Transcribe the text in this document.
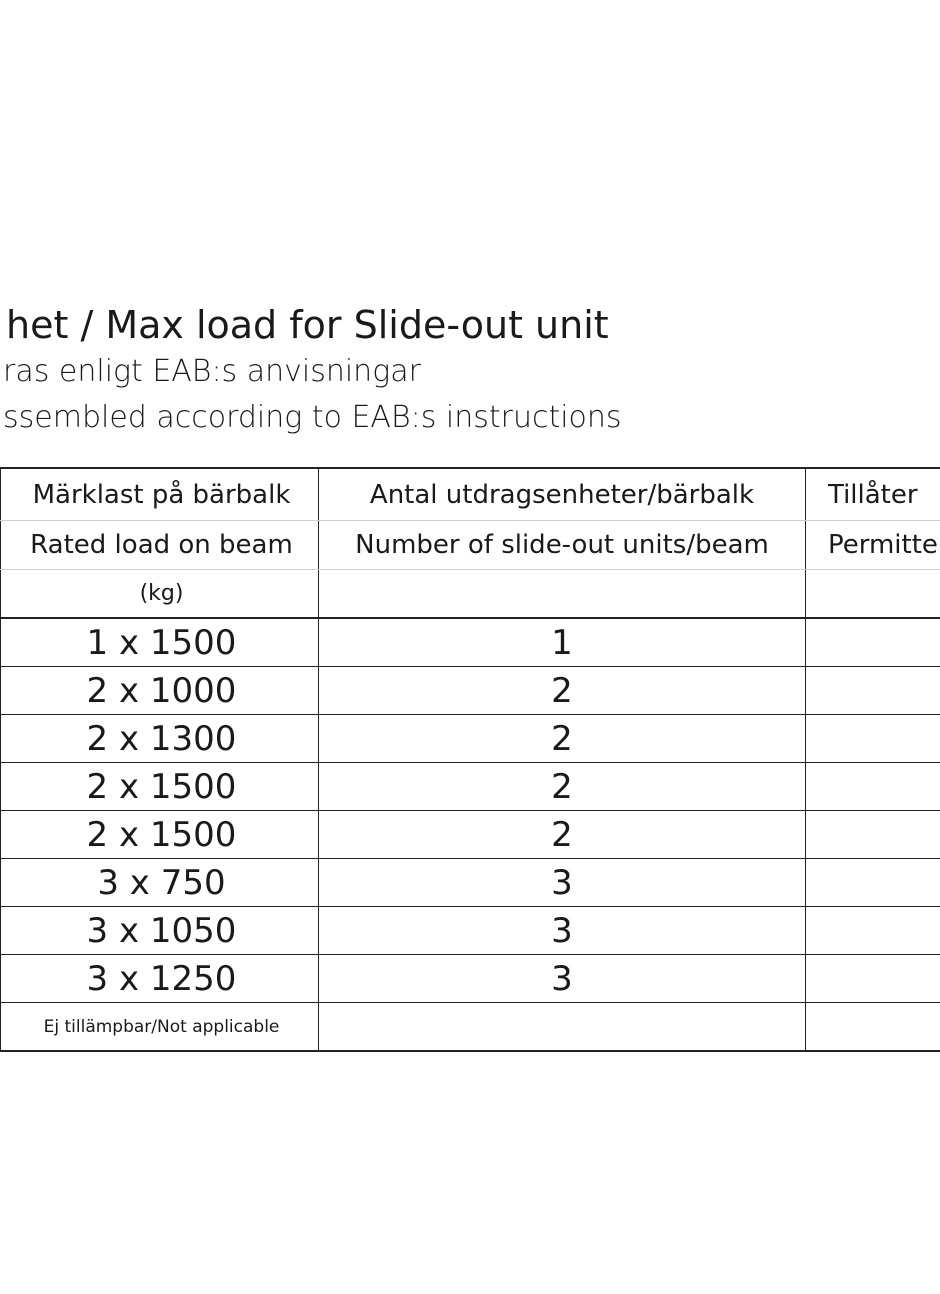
het / Max load for Slide-out unit
ras enligt EAB:s anvisningar
ssembled according to EAB:s instructions
Märklast på bärbalk	Antal utdragsenheter/bärbalk	Tillåter
Rated load on beam	Number of slide-out units/beam	Permitte
(kg)		
1 x 1500	1	
2 x 1000	2	
2 x 1300	2	
2 x 1500	2	
2 x 1500	2	
3 x 750	3	
3 x 1050	3	
3 x 1250	3	
Ej tillämpbar/Not applicable		
